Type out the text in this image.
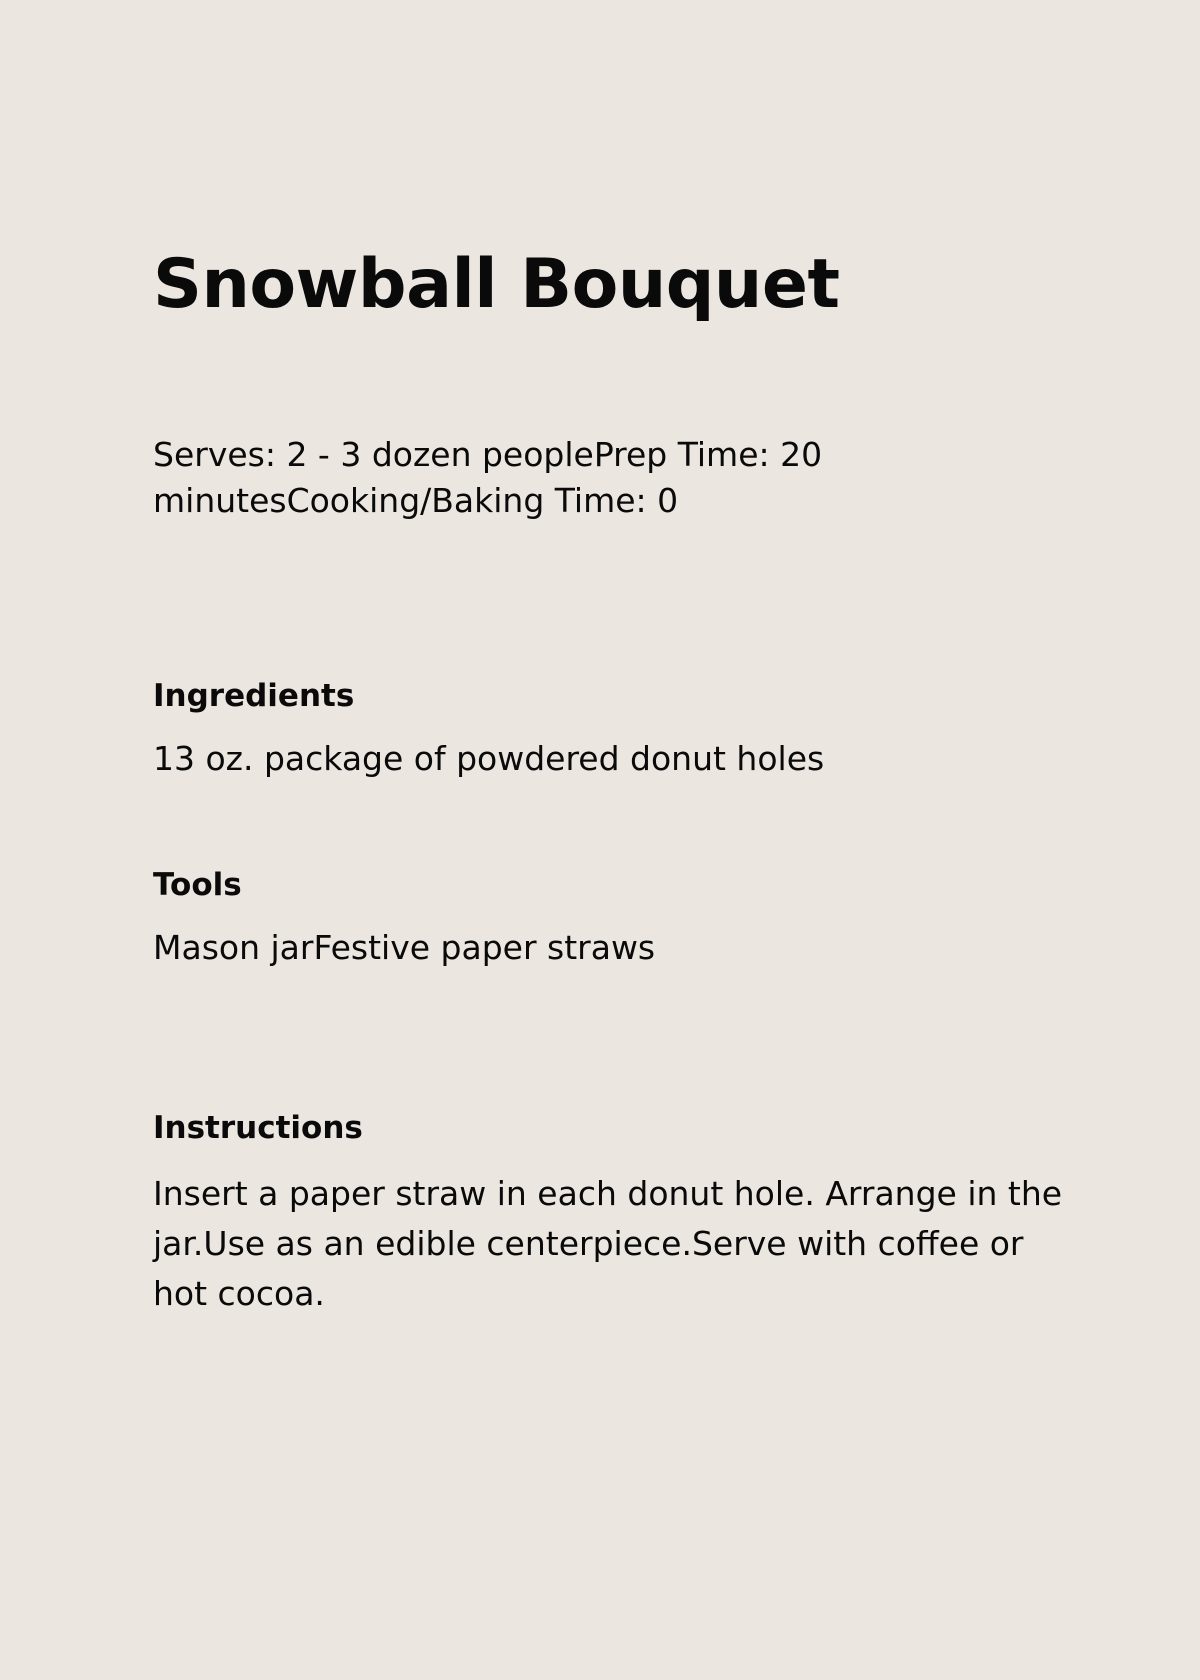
Snowball Bouquet
Serves: 2 - 3 dozen peoplePrep Time: 20 minutesCooking/Baking Time: 0
Ingredients
13 oz. package of powdered donut holes
Tools
Mason jarFestive paper straws
Instructions
Insert a paper straw in each donut hole. Arrange in the jar.Use as an edible centerpiece.Serve with coffee or hot cocoa.
